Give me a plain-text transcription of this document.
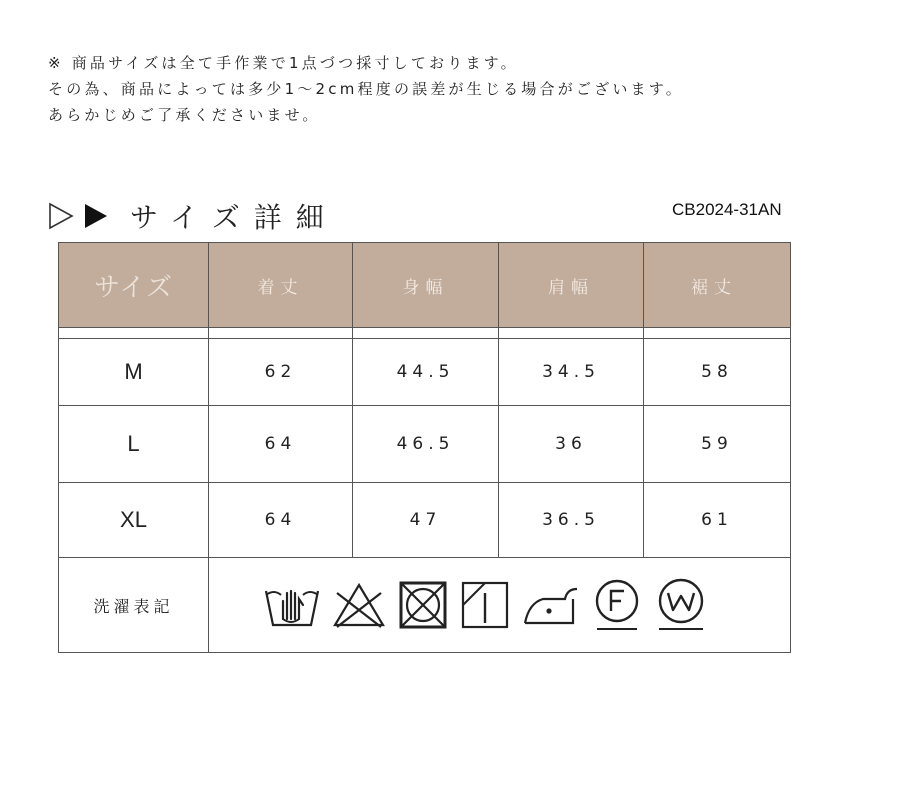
※ 商品サイズは全て手作業で1点づつ採寸しております。
その為、商品によっては多少1〜2cm程度の誤差が生じる場合がございます。
あらかじめご了承くださいませ。
サイズ詳細	CB2024-31AN
サイズ	着丈	身幅	肩幅	裾丈

M	62	44.5	34.5	58
L	64	46.5	36	59
XL	64	47	36.5	61
洗濯表記	
